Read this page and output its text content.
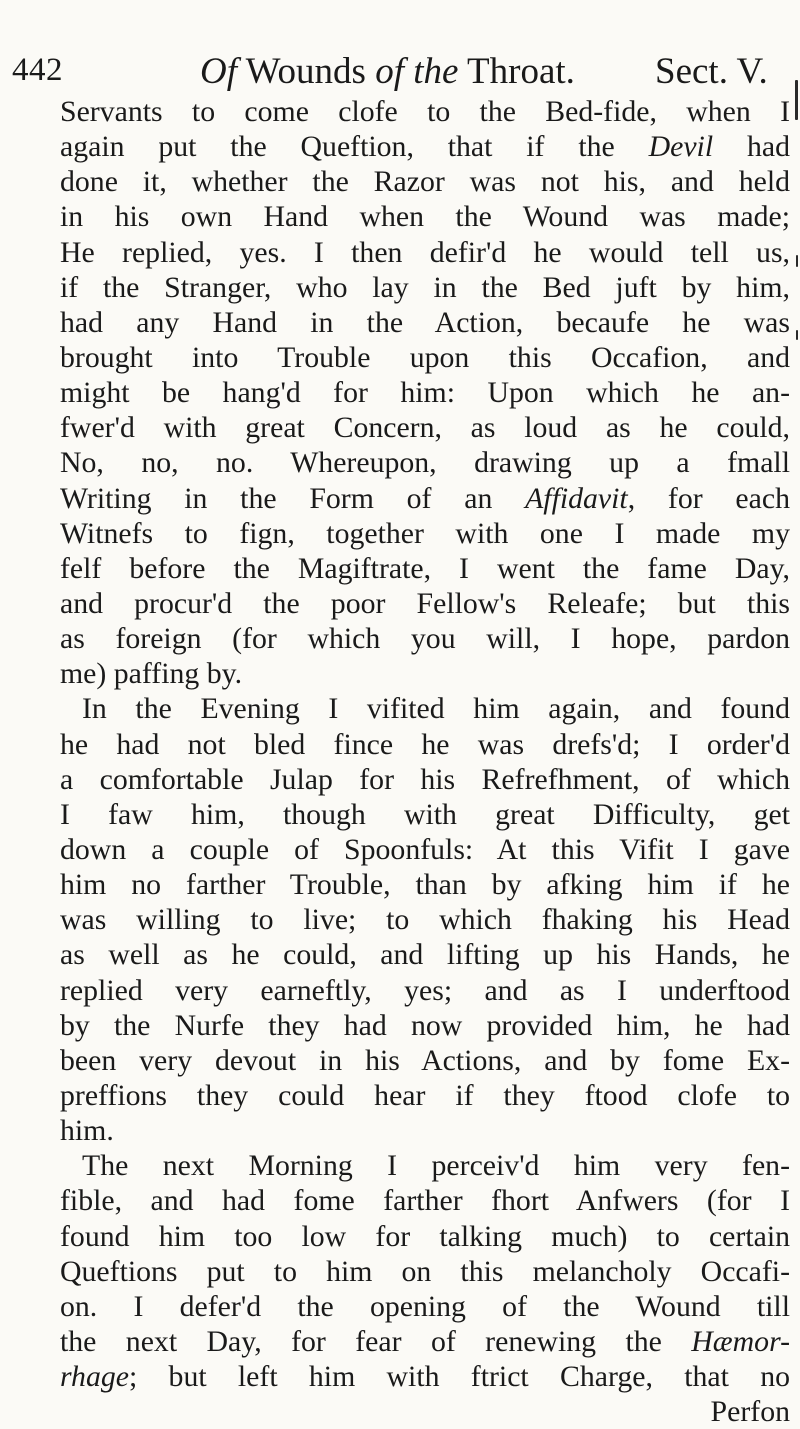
442	Of Wounds of the Throat. Sect. V.
Servants to come clofe to the Bed-fide, when I
again put the Queftion, that if the Devil had
done it, whether the Razor was not his, and held
in his own Hand when the Wound was made;
He replied, yes. I then defir'd he would tell us,
if the Stranger, who lay in the Bed juft by him,
had any Hand in the Action, becaufe he was
brought into Trouble upon this Occafion, and
might be hang'd for him: Upon which he an-
fwer'd with great Concern, as loud as he could,
No, no, no. Whereupon, drawing up a fmall
Writing in the Form of an Affidavit, for each
Witnefs to fign, together with one I made my
felf before the Magiftrate, I went the fame Day,
and procur'd the poor Fellow's Releafe; but this
as foreign (for which you will, I hope, pardon
me) paffing by.
In the Evening I vifited him again, and found
he had not bled fince he was drefs'd; I order'd
a comfortable Julap for his Refrefhment, of which
I faw him, though with great Difficulty, get
down a couple of Spoonfuls: At this Vifit I gave
him no farther Trouble, than by afking him if he
was willing to live; to which fhaking his Head
as well as he could, and lifting up his Hands, he
replied very earneftly, yes; and as I underftood
by the Nurfe they had now provided him, he had
been very devout in his Actions, and by fome Ex-
preffions they could hear if they ftood clofe to
him.
The next Morning I perceiv'd him very fen-
fible, and had fome farther fhort Anfwers (for I
found him too low for talking much) to certain
Queftions put to him on this melancholy Occafi-
on. I defer'd the opening of the Wound till
the next Day, for fear of renewing the Hæmor-
rhage; but left him with ftrict Charge, that no
Perfon
